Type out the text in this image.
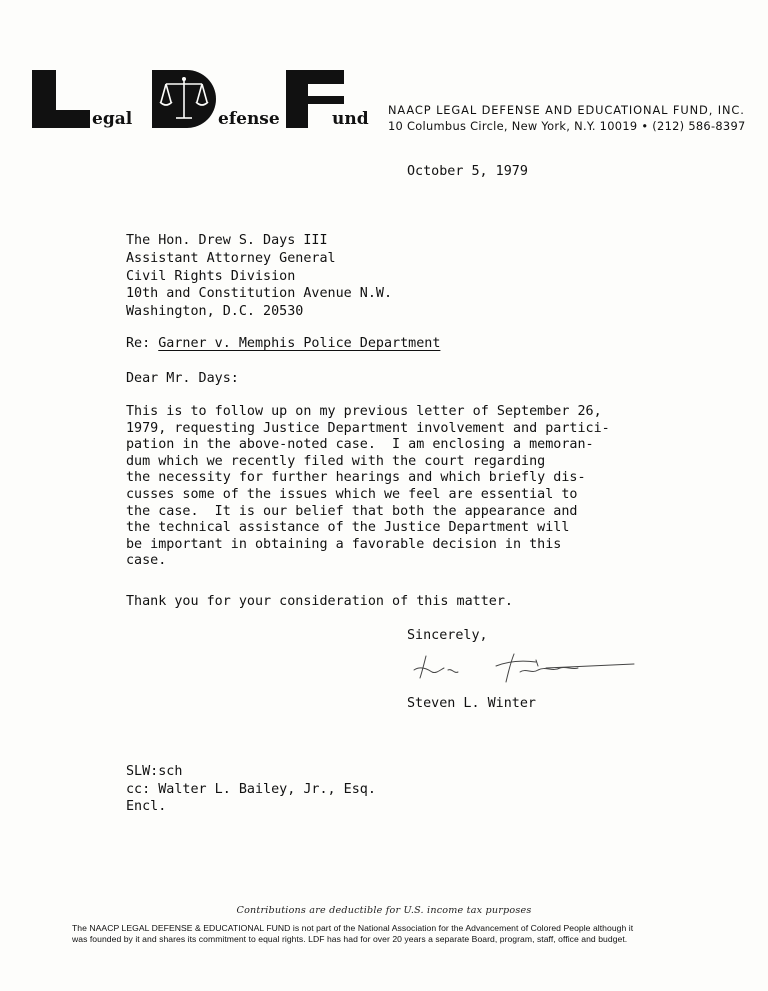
egal	efense	und NAACP LEGAL DEFENSE AND EDUCATIONAL FUND, INC.
10 Columbus Circle, New York, N.Y. 10019 • (212) 586-8397
October 5, 1979
The Hon. Drew S. Days III
Assistant Attorney General
Civil Rights Division
10th and Constitution Avenue N.W.
Washington, D.C. 20530
Re: Garner v. Memphis Police Department
Dear Mr. Days:
This is to follow up on my previous letter of September 26,
1979, requesting Justice Department involvement and partici-
pation in the above-noted case.  I am enclosing a memoran-
dum which we recently filed with the court regarding
the necessity for further hearings and which briefly dis-
cusses some of the issues which we feel are essential to
the case.  It is our belief that both the appearance and
the technical assistance of the Justice Department will
be important in obtaining a favorable decision in this
case.
Thank you for your consideration of this matter.
Sincerely,
Steven L. Winter
SLW:sch
cc: Walter L. Bailey, Jr., Esq.
Encl.
Contributions are deductible for U.S. income tax purposes
The NAACP LEGAL DEFENSE & EDUCATIONAL FUND is not part of the National Association for the Advancement of Colored People although it
was founded by it and shares its commitment to equal rights. LDF has had for over 20 years a separate Board, program, staff, office and budget.
